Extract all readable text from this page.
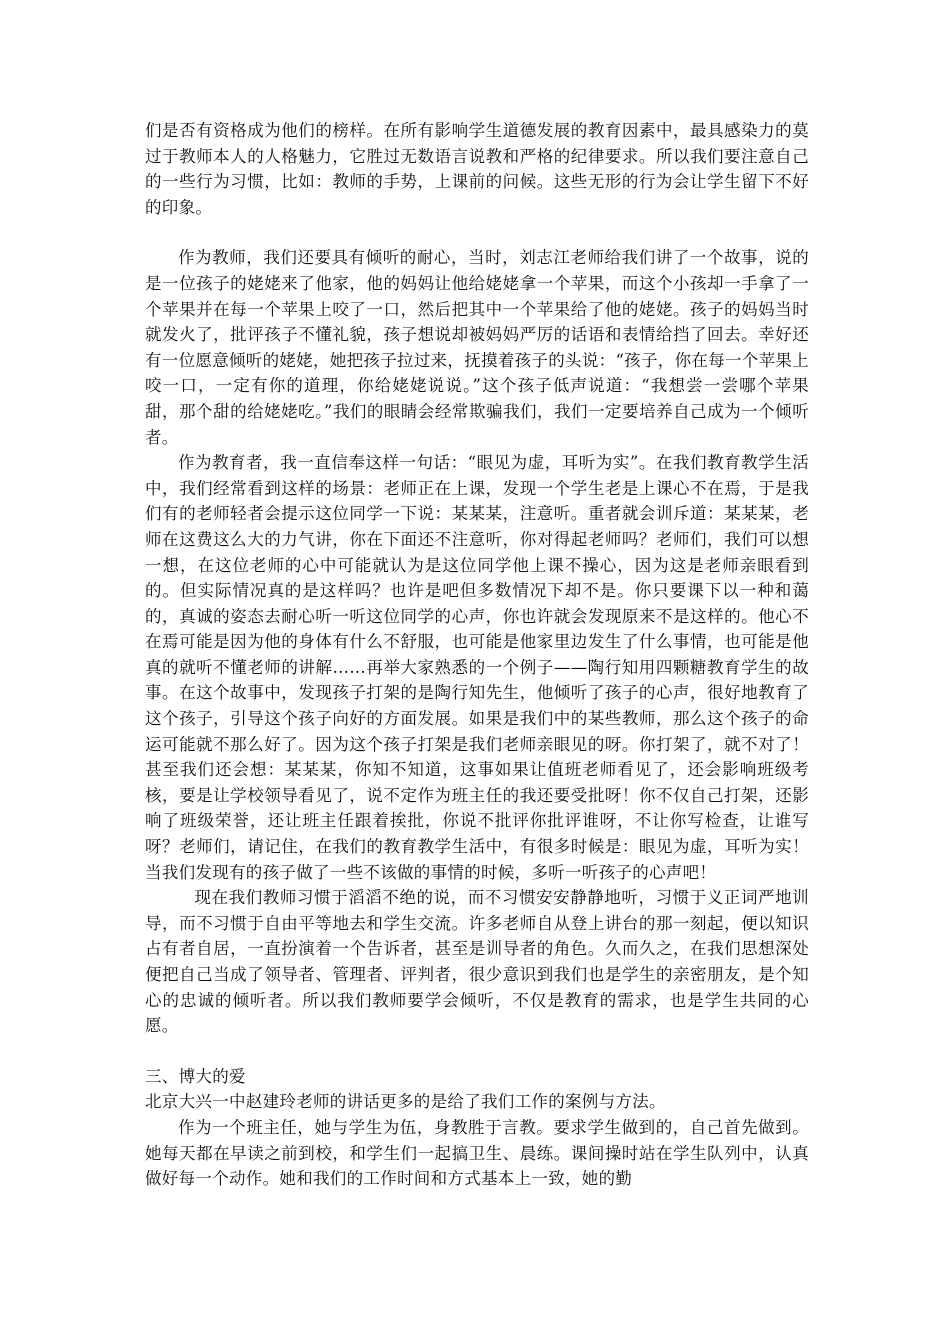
们是否有资格成为他们的榜样。在所有影响学生道德发展的教育因素中，最具感染力的莫过于教师本人的人格魅力，它胜过无数语言说教和严格的纪律要求。所以我们要注意自己的一些行为习惯，比如：教师的手势，上课前的问候。这些无形的行为会让学生留下不好的印象。

作为教师，我们还要具有倾听的耐心，当时，刘志江老师给我们讲了一个故事，说的是一位孩子的姥姥来了他家，他的妈妈让他给姥姥拿一个苹果，而这个小孩却一手拿了一个苹果并在每一个苹果上咬了一口，然后把其中一个苹果给了他的姥姥。孩子的妈妈当时就发火了，批评孩子不懂礼貌，孩子想说却被妈妈严厉的话语和表情给挡了回去。幸好还有一位愿意倾听的姥姥，她把孩子拉过来，抚摸着孩子的头说：“孩子，你在每一个苹果上咬一口，一定有你的道理，你给姥姥说说。”这个孩子低声说道：“我想尝一尝哪个苹果甜，那个甜的给姥姥吃。”我们的眼睛会经常欺骗我们，我们一定要培养自己成为一个倾听者。

作为教育者，我一直信奉这样一句话：“眼见为虚，耳听为实”。在我们教育教学生活中，我们经常看到这样的场景：老师正在上课，发现一个学生老是上课心不在焉，于是我们有的老师轻者会提示这位同学一下说：某某某，注意听。重者就会训斥道：某某某，老师在这费这么大的力气讲，你在下面还不注意听，你对得起老师吗？老师们，我们可以想一想，在这位老师的心中可能就认为是这位同学他上课不操心，因为这是老师亲眼看到的。但实际情况真的是这样吗？也许是吧但多数情况下却不是。你只要课下以一种和蔼的，真诚的姿态去耐心听一听这位同学的心声，你也许就会发现原来不是这样的。他心不在焉可能是因为他的身体有什么不舒服，也可能是他家里边发生了什么事情，也可能是他真的就听不懂老师的讲解……再举大家熟悉的一个例子——陶行知用四颗糖教育学生的故事。在这个故事中，发现孩子打架的是陶行知先生，他倾听了孩子的心声，很好地教育了这个孩子，引导这个孩子向好的方面发展。如果是我们中的某些教师，那么这个孩子的命运可能就不那么好了。因为这个孩子打架是我们老师亲眼见的呀。你打架了，就不对了！甚至我们还会想：某某某，你知不知道，这事如果让值班老师看见了，还会影响班级考核，要是让学校领导看见了，说不定作为班主任的我还要受批呀！你不仅自己打架，还影响了班级荣誉，还让班主任跟着挨批，你说不批评你批评谁呀，不让你写检查，让谁写呀？老师们，请记住，在我们的教育教学生活中，有很多时候是：眼见为虚，耳听为实！当我们发现有的孩子做了一些不该做的事情的时候，多听一听孩子的心声吧！

现在我们教师习惯于滔滔不绝的说，而不习惯安安静静地听，习惯于义正词严地训导，而不习惯于自由平等地去和学生交流。许多老师自从登上讲台的那一刻起，便以知识占有者自居，一直扮演着一个告诉者，甚至是训导者的角色。久而久之，在我们思想深处便把自己当成了领导者、管理者、评判者，很少意识到我们也是学生的亲密朋友，是个知心的忠诚的倾听者。所以我们教师要学会倾听，不仅是教育的需求，也是学生共同的心愿。

三、博大的爱

北京大兴一中赵建玲老师的讲话更多的是给了我们工作的案例与方法。

作为一个班主任，她与学生为伍，身教胜于言教。要求学生做到的，自己首先做到。她每天都在早读之前到校，和学生们一起搞卫生、晨练。课间操时站在学生队列中，认真做好每一个动作。她和我们的工作时间和方式基本上一致，她的勤
